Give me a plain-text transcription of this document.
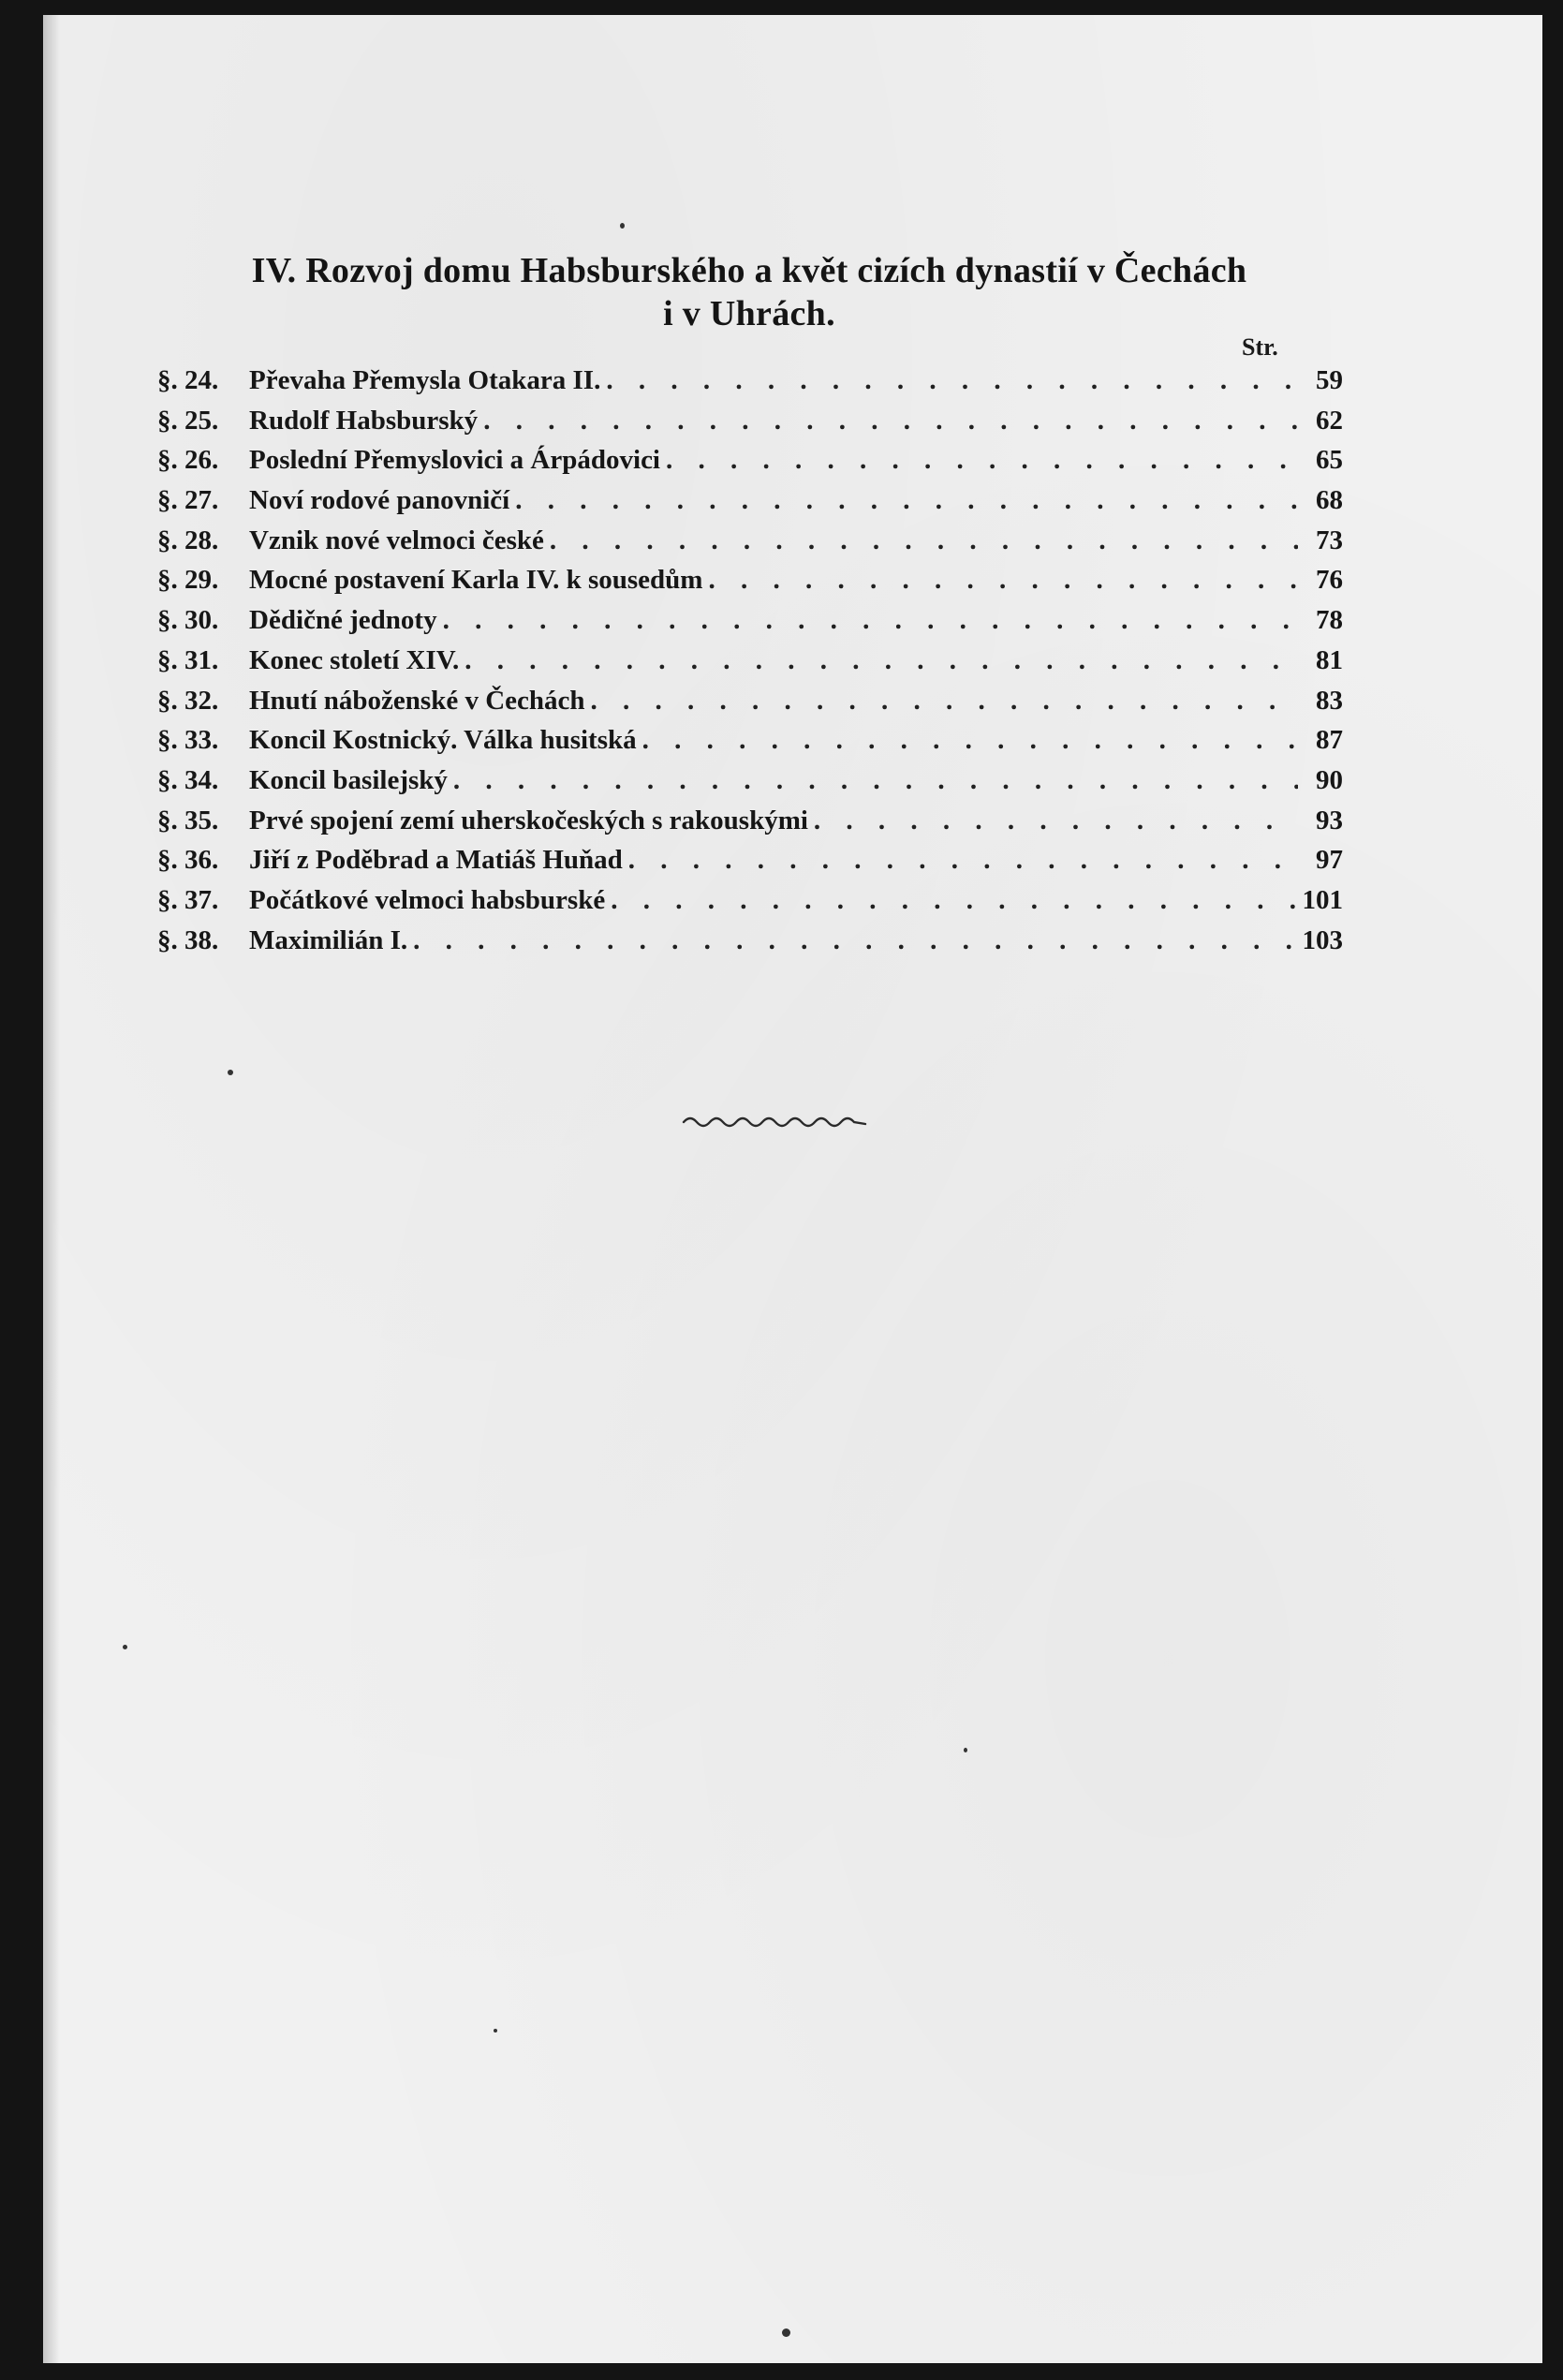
IV. Rozvoj domu Habsburského a květ cizích dynastií v Čechách
i v Uhrách.
Str.
§. 24.	Převaha Přemysla Otakara II. . . .	59
§. 25.	Rudolf Habsburský . . .	62
§. 26.	Poslední Přemyslovici a Árpádovici . . .	65
§. 27.	Noví rodové panovničí . . .	68
§. 28.	Vznik nové velmoci české . . .	73
§. 29.	Mocné postavení Karla IV. k sousedům . . .	76
§. 30.	Dědičné jednoty . . .	78
§. 31.	Konec století XIV. . . .	81
§. 32.	Hnutí náboženské v Čechách . . .	83
§. 33.	Koncil Kostnický. Válka husitská . . .	87
§. 34.	Koncil basilejský . . .	90
§. 35.	Prvé spojení zemí uherskočeských s rakouskými . . .	93
§. 36.	Jiří z Poděbrad a Matiáš Huňad . . .	97
§. 37.	Počátkové velmoci habsburské . . .	101
§. 38.	Maximilián I. . . .	103
